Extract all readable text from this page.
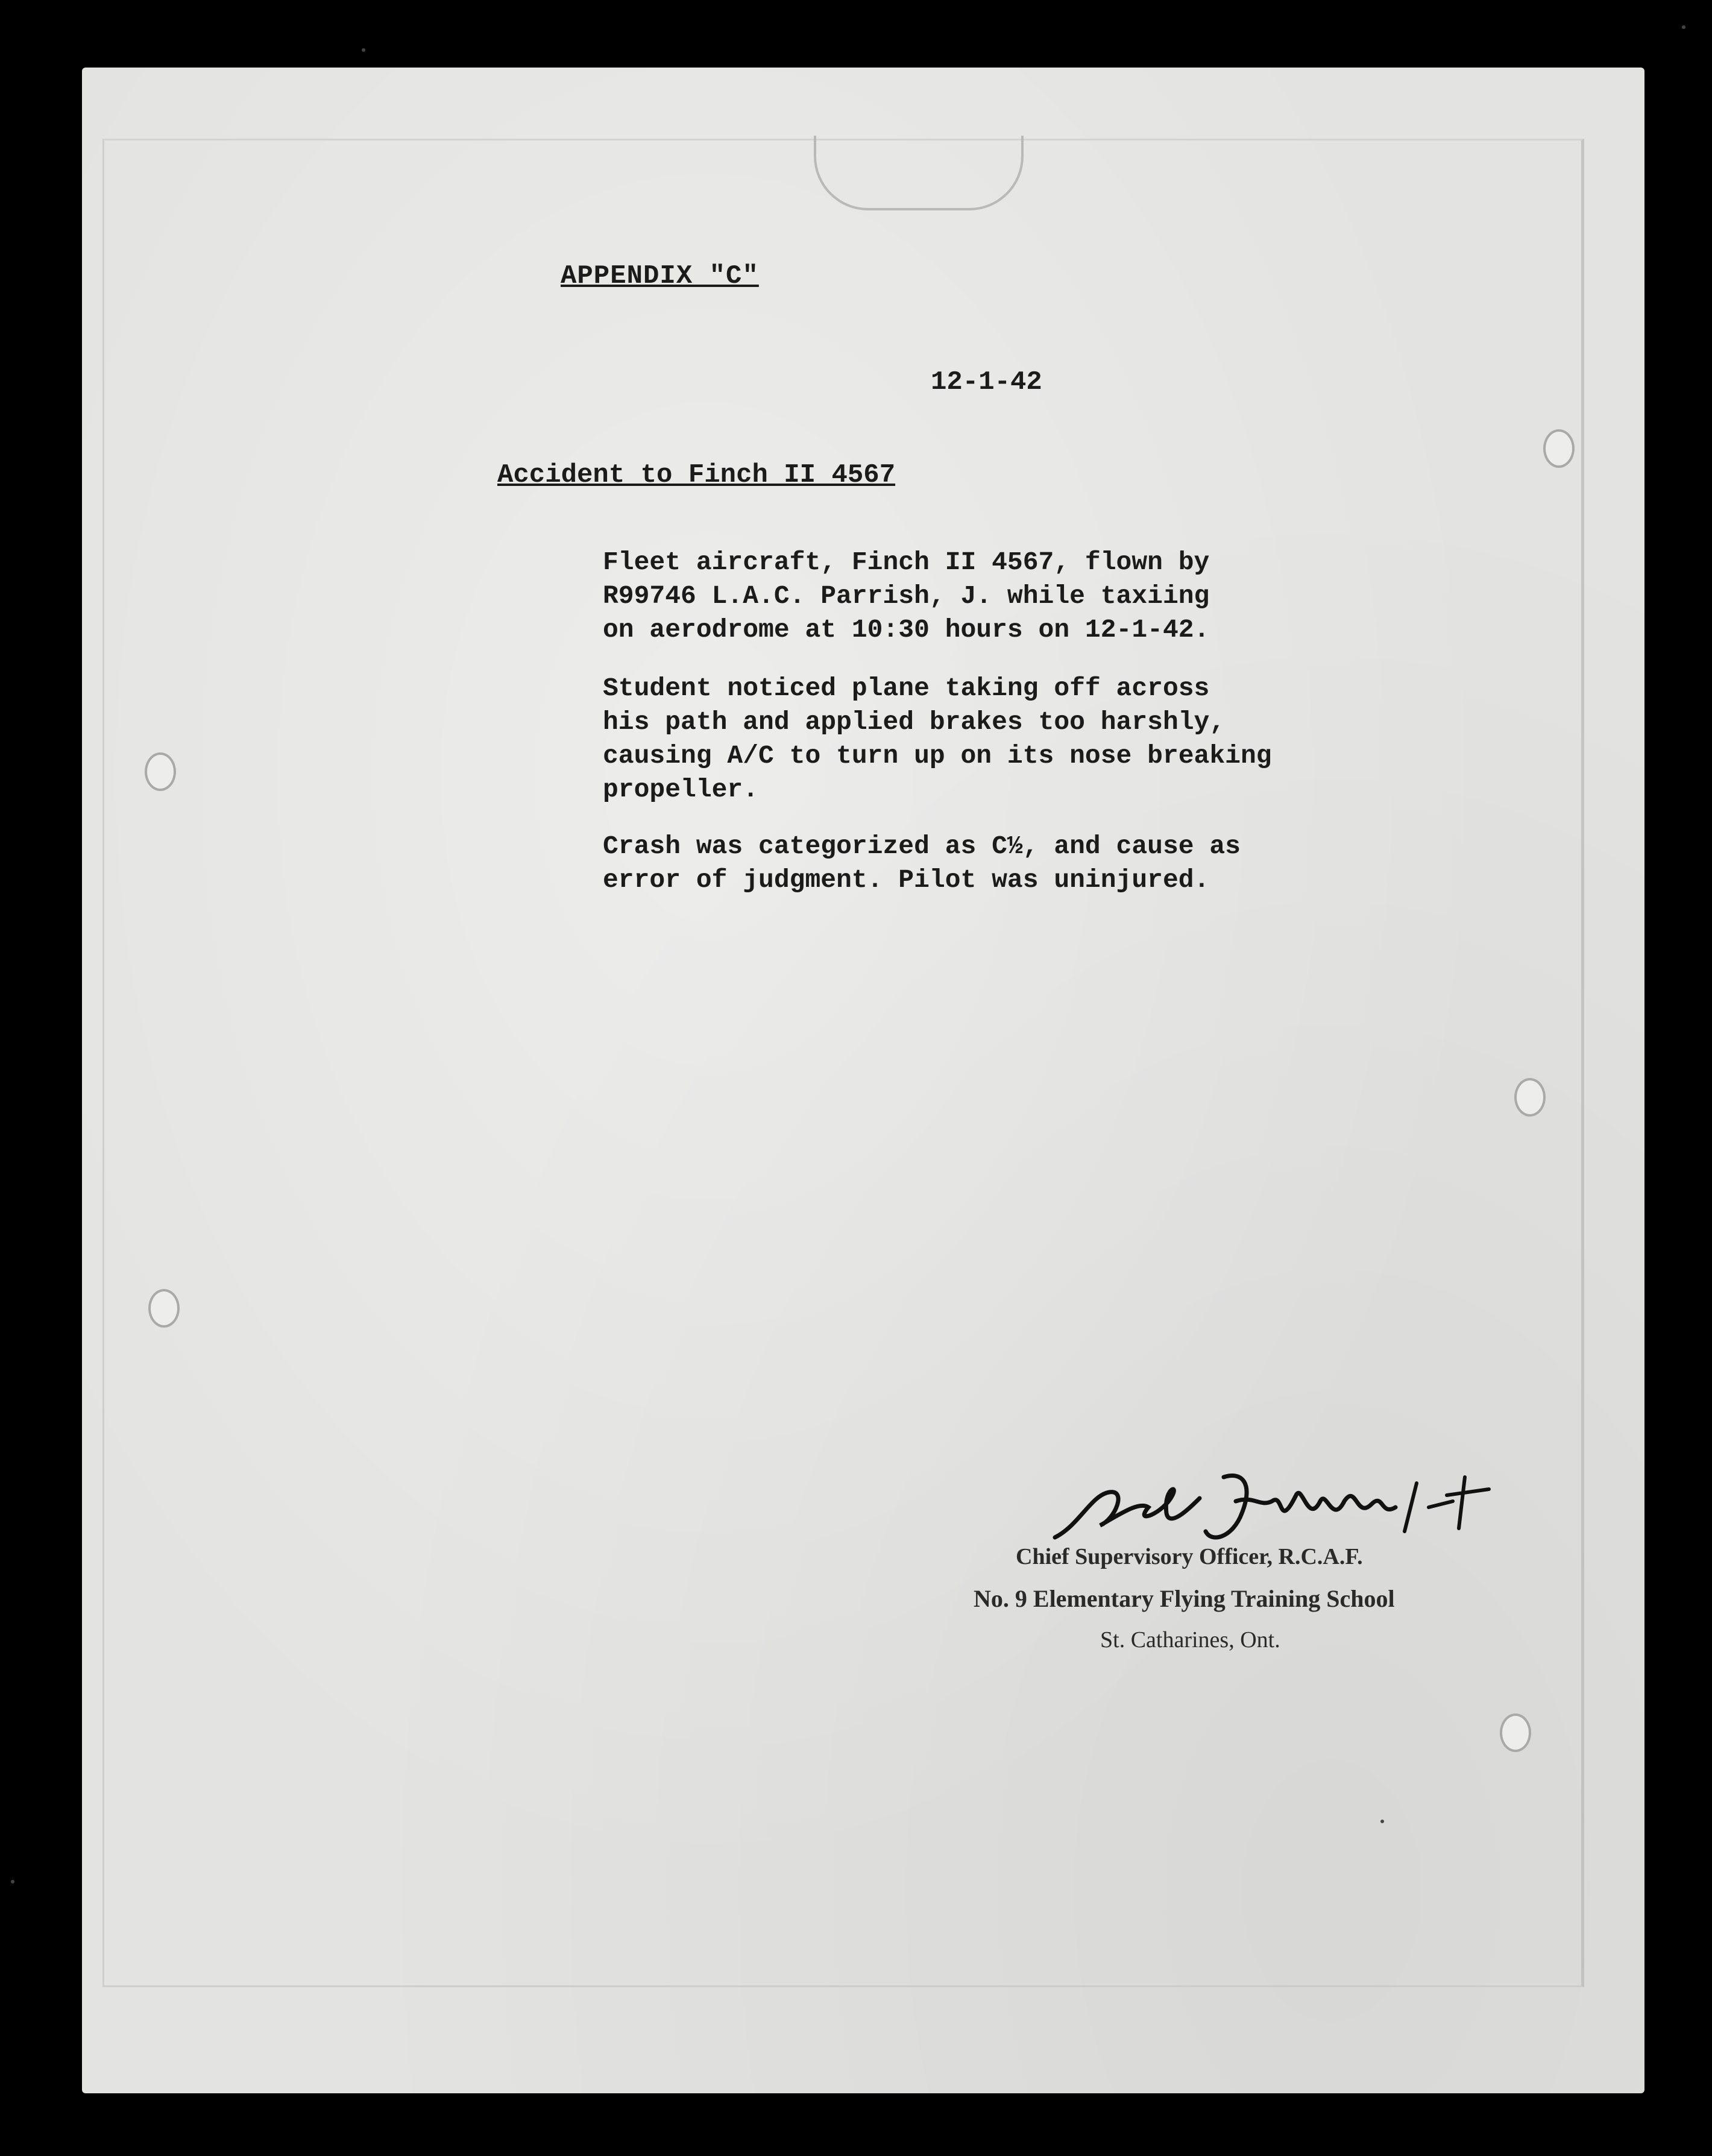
APPENDIX "C"
12-1-42
Accident to Finch II 4567

Fleet aircraft, Finch II 4567, flown by

R99746 L.A.C. Parrish, J. while taxiing

on aerodrome at 10:30 hours on 12-1-42.

Student noticed plane taking off across

his path and applied brakes too harshly,

causing A/C to turn up on its nose breaking

propeller.

Crash was categorized as C½, and cause as

error of judgment. Pilot was uninjured.

Chief Supervisory Officer, R.C.A.F.
No. 9 Elementary Flying Training School
St. Catharines, Ont.
